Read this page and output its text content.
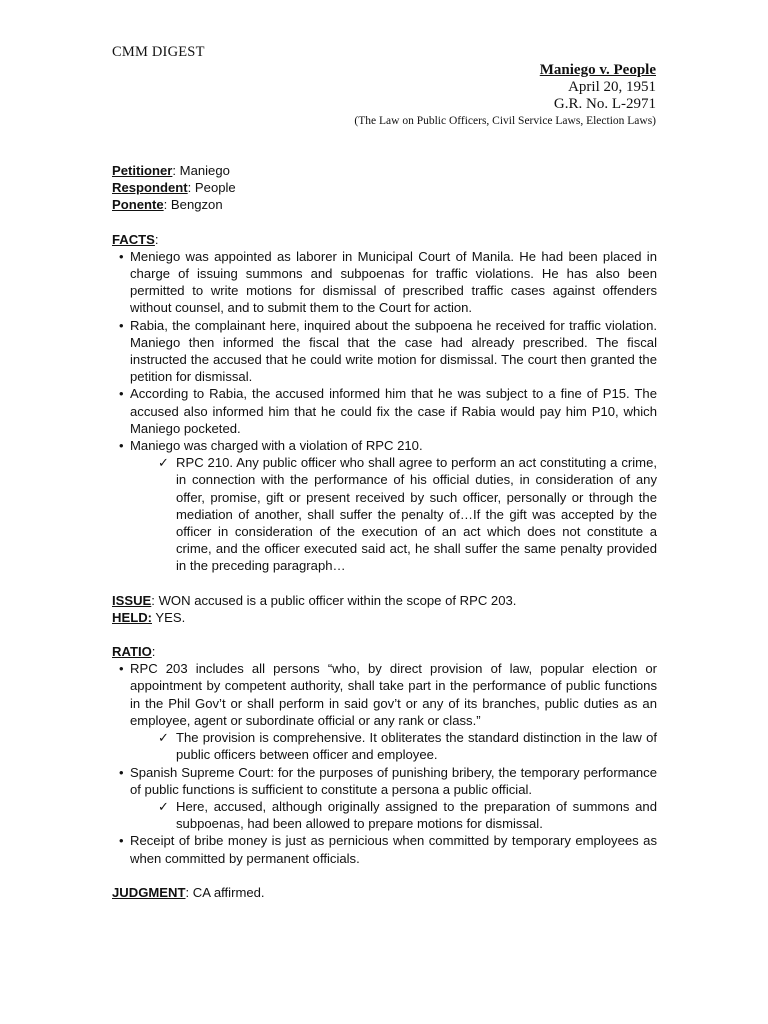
CMM DIGEST
Maniego v. People
April 20, 1951
G.R. No. L-2971
(The Law on Public Officers, Civil Service Laws, Election Laws)

Petitioner: Maniego

Respondent: People

Ponente: Bengzon

FACTS:

• Meniego was appointed as laborer in Municipal Court of Manila. He had been placed in charge of issuing summons and subpoenas for traffic violations. He has also been permitted to write motions for dismissal of prescribed traffic cases against offenders without counsel, and to submit them to the Court for action.
• Rabia, the complainant here, inquired about the subpoena he received for traffic violation. Maniego then informed the fiscal that the case had already prescribed. The fiscal instructed the accused that he could write motion for dismissal. The court then granted the petition for dismissal.
• According to Rabia, the accused informed him that he was subject to a fine of P15. The accused also informed him that he could fix the case if Rabia would pay him P10, which Maniego pocketed.
• Maniego was charged with a violation of RPC 210.
✓ RPC 210. Any public officer who shall agree to perform an act constituting a crime, in connection with the performance of his official duties, in consideration of any offer, promise, gift or present received by such officer, personally or through the mediation of another, shall suffer the penalty of…If the gift was accepted by the officer in consideration of the execution of an act which does not constitute a crime, and the officer executed said act, he shall suffer the same penalty provided in the preceding paragraph…

ISSUE: WON accused is a public officer within the scope of RPC 203.

HELD: YES.

RATIO:

• RPC 203 includes all persons “who, by direct provision of law, popular election or appointment by competent authority, shall take part in the performance of public functions in the Phil Gov’t or shall perform in said gov’t or any of its branches, public duties as an employee, agent or subordinate official or any rank or class.”
✓ The provision is comprehensive. It obliterates the standard distinction in the law of public officers between officer and employee.
• Spanish Supreme Court: for the purposes of punishing bribery, the temporary performance of public functions is sufficient to constitute a persona a public official.
✓ Here, accused, although originally assigned to the preparation of summons and subpoenas, had been allowed to prepare motions for dismissal.
• Receipt of bribe money is just as pernicious when committed by temporary employees as when committed by permanent officials.

JUDGMENT: CA affirmed.
